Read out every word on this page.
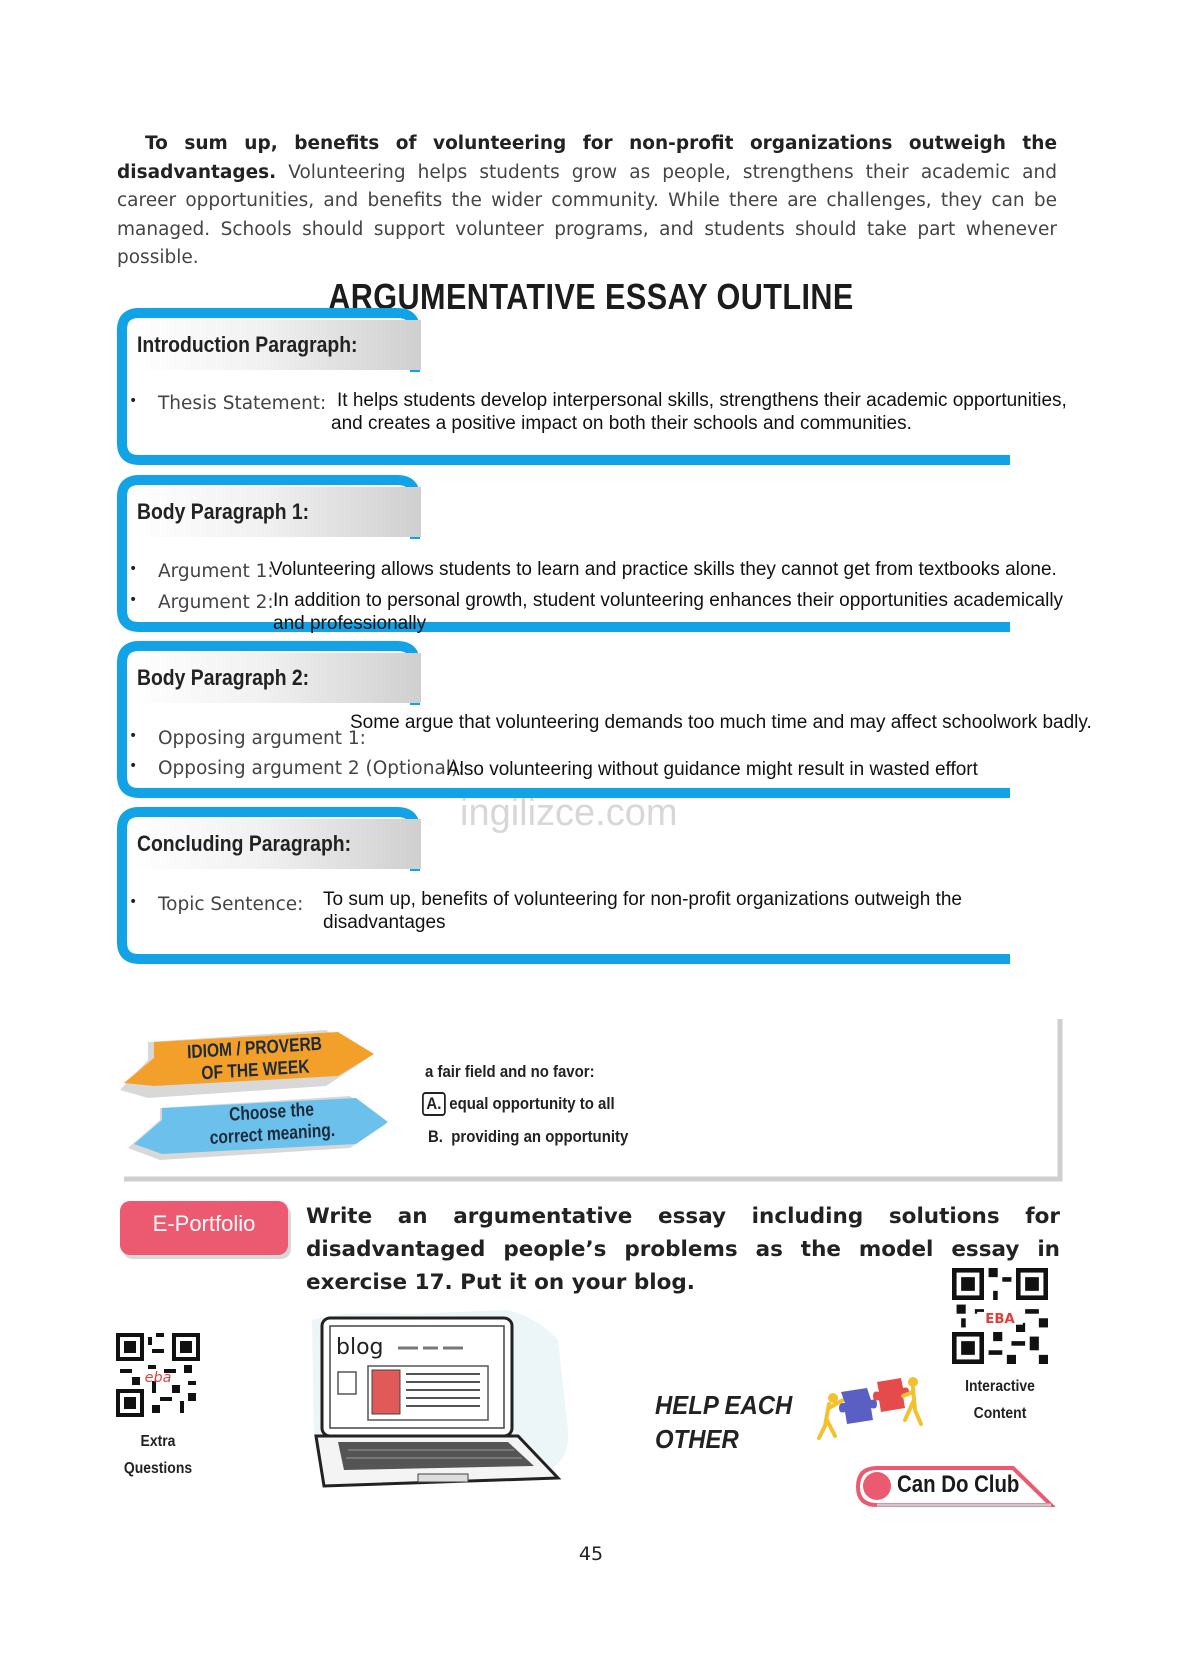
To sum up, benefits of volunteering for non-profit organizations outweigh the disadvantages. Volunteering helps students grow as people, strengthens their academic and career opportunities, and benefits the wider community. While there are challenges, they can be managed. Schools should support volunteer programs, and students should take part whenever possible.

ARGUMENTATIVE ESSAY OUTLINE
Introduction Paragraph:
Thesis Statement: It helps students develop interpersonal skills, strengthens their academic opportunities, and creates a positive impact on both their schools and communities.
Body Paragraph 1:
Argument 1:
Volunteering allows students to learn and practice skills they cannot get from textbooks alone.
Argument 2: In addition to personal growth, student volunteering enhances their opportunities academically and professionally
Body Paragraph 2:
Opposing argument 1:
Some argue that volunteering demands too much time and may affect schoolwork badly.
Opposing argument 2 (Optional):
Also volunteering without guidance might result in wasted effort
Concluding Paragraph:
Topic Sentence: To sum up, benefits of volunteering for non-profit organizations outweigh the disadvantages
ingilizce.com
IDIOM / PROVERB
OF THE WEEK
Choose the
correct meaning.
a fair field and no favor:
A. equal opportunity to all
B. providing an opportunity
E-Portfolio	Write an argumentative essay including solutions for disadvantaged people’s problems as the model essay in exercise 17. Put it on your blog.

blog
eba
Extra
Questions
EBA
Interactive
Content
HELP EACH
OTHER
Can Do Club
45
